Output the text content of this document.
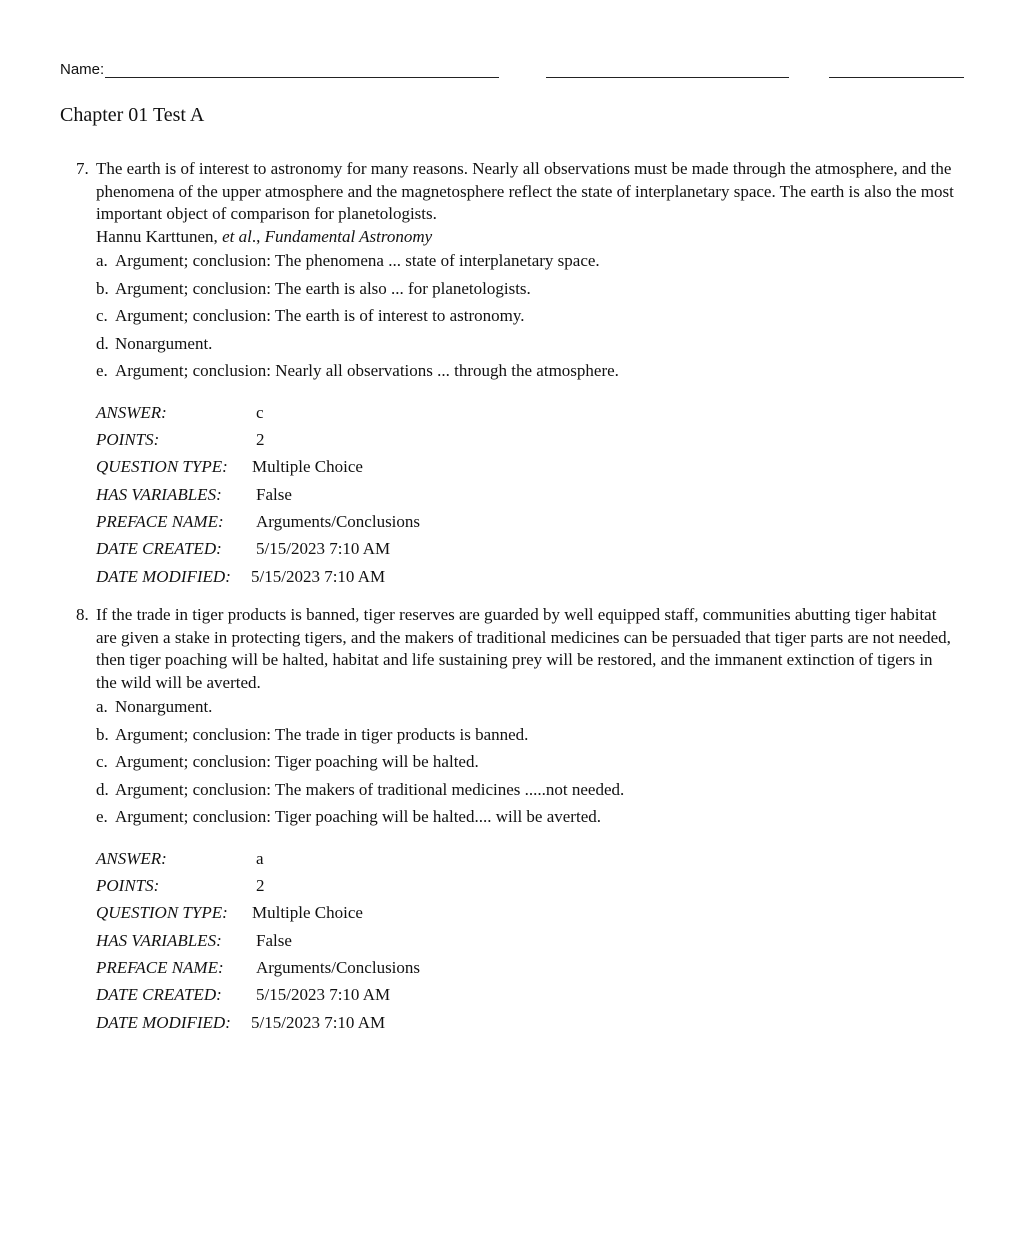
Name:
Chapter 01 Test A
7. The earth is of interest to astronomy for many reasons. Nearly all observations must be made through the atmosphere, and the phenomena of the upper atmosphere and the magnetosphere reflect the state of interplanetary space. The earth is also the most important object of comparison for planetologists.
Hannu Karttunen, et al., Fundamental Astronomy
a. Argument; conclusion: The phenomena ... state of interplanetary space.
b. Argument; conclusion: The earth is also ... for planetologists.
c. Argument; conclusion: The earth is of interest to astronomy.
d. Nonargument.
e. Argument; conclusion: Nearly all observations ... through the atmosphere.
ANSWER:	c
POINTS:	2
QUESTION TYPE: Multiple Choice
HAS VARIABLES: False
PREFACE NAME: Arguments/Conclusions
DATE CREATED: 5/15/2023 7:10 AM
DATE MODIFIED: 5/15/2023 7:10 AM
8. If the trade in tiger products is banned, tiger reserves are guarded by well equipped staff, communities abutting tiger habitat are given a stake in protecting tigers, and the makers of traditional medicines can be persuaded that tiger parts are not needed, then tiger poaching will be halted, habitat and life sustaining prey will be restored, and the immanent extinction of tigers in the wild will be averted.
a. Nonargument.
b. Argument; conclusion: The trade in tiger products is banned.
c. Argument; conclusion: Tiger poaching will be halted.
d. Argument; conclusion: The makers of traditional medicines .....not needed.
e. Argument; conclusion: Tiger poaching will be halted.... will be averted.
ANSWER:	a
POINTS:	2
QUESTION TYPE: Multiple Choice
HAS VARIABLES: False
PREFACE NAME: Arguments/Conclusions
DATE CREATED: 5/15/2023 7:10 AM
DATE MODIFIED: 5/15/2023 7:10 AM
